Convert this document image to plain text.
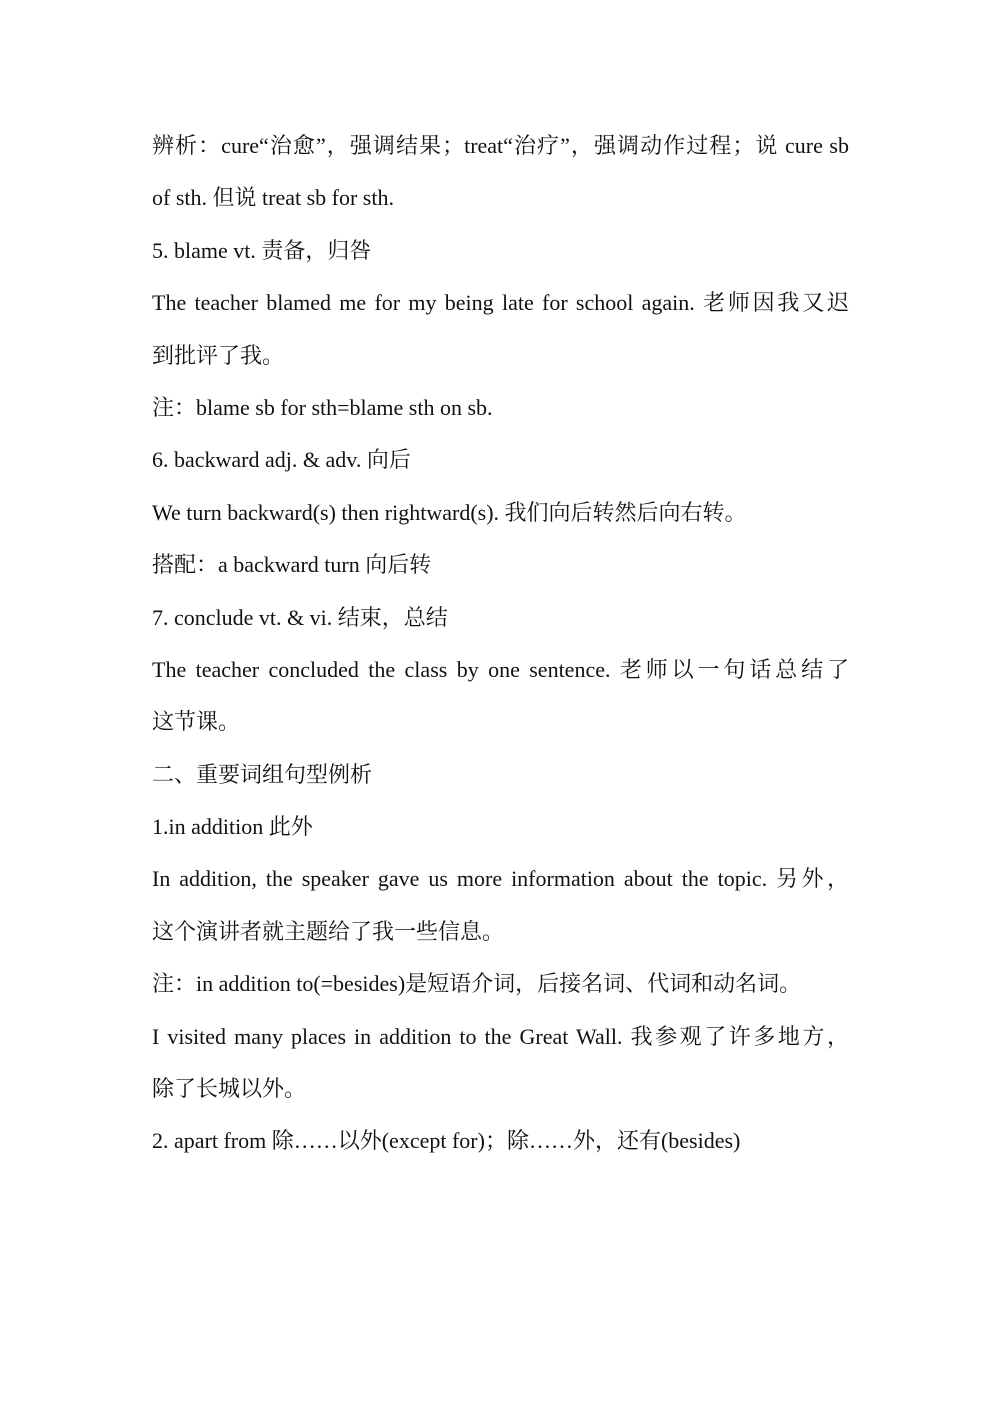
辨析：cure“治愈”，强调结果；treat“治疗”，强调动作过程；说 cure sb
of sth. 但说 treat sb for sth.
5. blame vt. 责备，归咎
The teacher blamed me for my being late for school again. 老师因我又迟
到批评了我。
注：blame sb for sth=blame sth on sb.
6. backward adj. & adv. 向后
We turn backward(s) then rightward(s). 我们向后转然后向右转。
搭配：a backward turn 向后转
7. conclude vt. & vi. 结束，总结
The teacher concluded the class by one sentence. 老师以一句话总结了
这节课。
二、重要词组句型例析
1.in addition 此外
In addition, the speaker gave us more information about the topic. 另外，
这个演讲者就主题给了我一些信息。
注：in addition to(=besides)是短语介词，后接名词、代词和动名词。
I visited many places in addition to the Great Wall. 我参观了许多地方，
除了长城以外。
2. apart from 除……以外(except for)；除……外，还有(besides)
